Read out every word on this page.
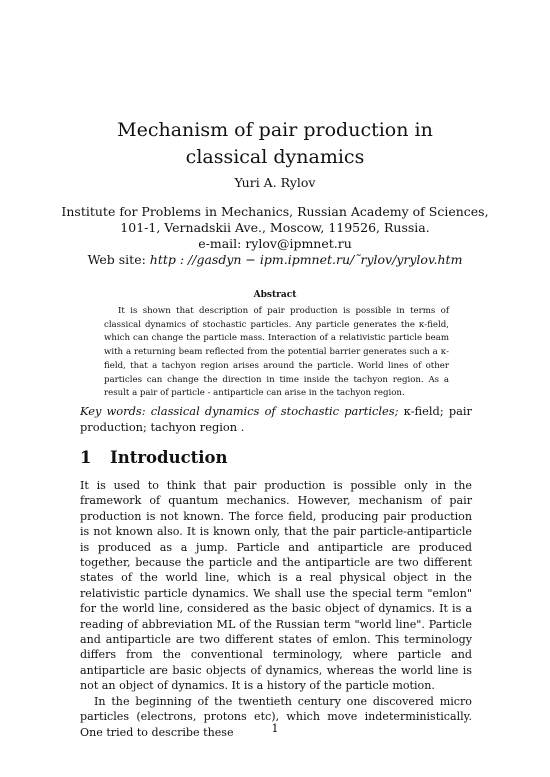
Mechanism of pair production in classical dynamics

Yuri A. Rylov

Institute for Problems in Mechanics, Russian Academy of Sciences,
101-1, Vernadskii Ave., Moscow, 119526, Russia.
e-mail: rylov@ipmnet.ru
Web site: http : //gasdyn − ipm.ipmnet.ru/˜rylov/yrylov.htm

Abstract

It is shown that description of pair production is possible in terms of classical dynamics of stochastic particles. Any particle generates the κ-field, which can change the particle mass. Interaction of a relativistic particle beam with a returning beam reflected from the potential barrier generates such a κ-field, that a tachyon region arises around the particle. World lines of other particles can change the direction in time inside the tachyon region. As a result a pair of particle - antiparticle can arise in the tachyon region.

Key words: classical dynamics of stochastic particles; κ-field; pair production; tachyon region .

1 Introduction

It is used to think that pair production is possible only in the framework of quantum mechanics. However, mechanism of pair production is not known. The force field, producing pair production is not known also. It is known only, that the pair particle-antiparticle is produced as a jump. Particle and antiparticle are produced together, because the particle and the antiparticle are two different states of the world line, which is a real physical object in the relativistic particle dynamics. We shall use the special term "emlon" for the world line, considered as the basic object of dynamics. It is a reading of abbreviation ML of the Russian term "world line". Particle and antiparticle are two different states of emlon. This terminology differs from the conventional terminology, where particle and antiparticle are basic objects of dynamics, whereas the world line is not an object of dynamics. It is a history of the particle motion.

In the beginning of the twentieth century one discovered micro particles (electrons, protons etc), which move indeterministically. One tried to describe these	1
